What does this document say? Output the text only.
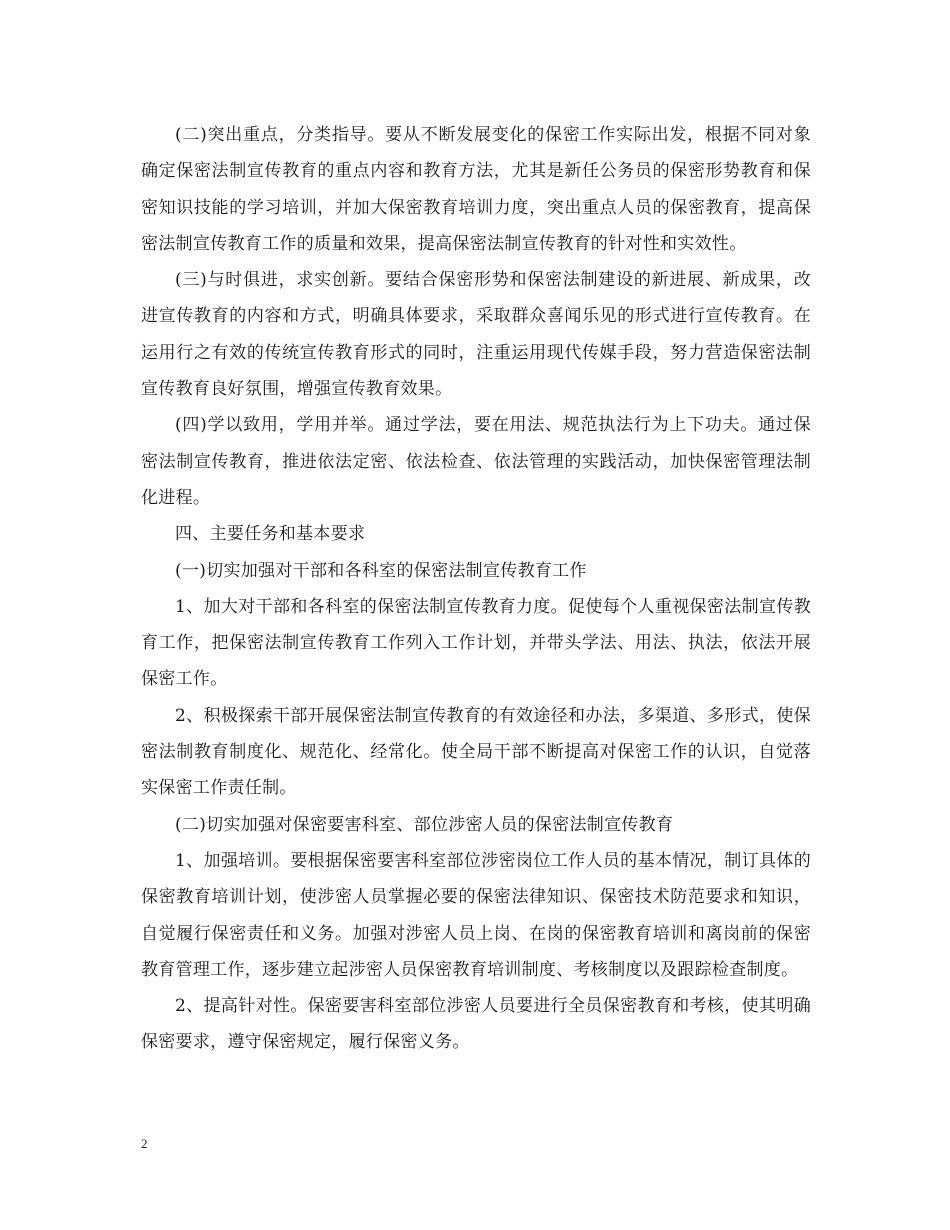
(二)突出重点，分类指导。要从不断发展变化的保密工作实际出发，根据不同对象确定保密法制宣传教育的重点内容和教育方法，尤其是新任公务员的保密形势教育和保密知识技能的学习培训，并加大保密教育培训力度，突出重点人员的保密教育，提高保密法制宣传教育工作的质量和效果，提高保密法制宣传教育的针对性和实效性。

(三)与时俱进，求实创新。要结合保密形势和保密法制建设的新进展、新成果，改进宣传教育的内容和方式，明确具体要求，采取群众喜闻乐见的形式进行宣传教育。在运用行之有效的传统宣传教育形式的同时，注重运用现代传媒手段，努力营造保密法制宣传教育良好氛围，增强宣传教育效果。

(四)学以致用，学用并举。通过学法，要在用法、规范执法行为上下功夫。通过保密法制宣传教育，推进依法定密、依法检查、依法管理的实践活动，加快保密管理法制化进程。

四、主要任务和基本要求

(一)切实加强对干部和各科室的保密法制宣传教育工作

1、加大对干部和各科室的保密法制宣传教育力度。促使每个人重视保密法制宣传教育工作，把保密法制宣传教育工作列入工作计划，并带头学法、用法、执法，依法开展保密工作。

2、积极探索干部开展保密法制宣传教育的有效途径和办法，多渠道、多形式，使保密法制教育制度化、规范化、经常化。使全局干部不断提高对保密工作的认识，自觉落实保密工作责任制。

(二)切实加强对保密要害科室、部位涉密人员的保密法制宣传教育

1、加强培训。要根据保密要害科室部位涉密岗位工作人员的基本情况，制订具体的保密教育培训计划，使涉密人员掌握必要的保密法律知识、保密技术防范要求和知识，自觉履行保密责任和义务。加强对涉密人员上岗、在岗的保密教育培训和离岗前的保密教育管理工作，逐步建立起涉密人员保密教育培训制度、考核制度以及跟踪检查制度。

2、提高针对性。保密要害科室部位涉密人员要进行全员保密教育和考核，使其明确保密要求，遵守保密规定，履行保密义务。

2
